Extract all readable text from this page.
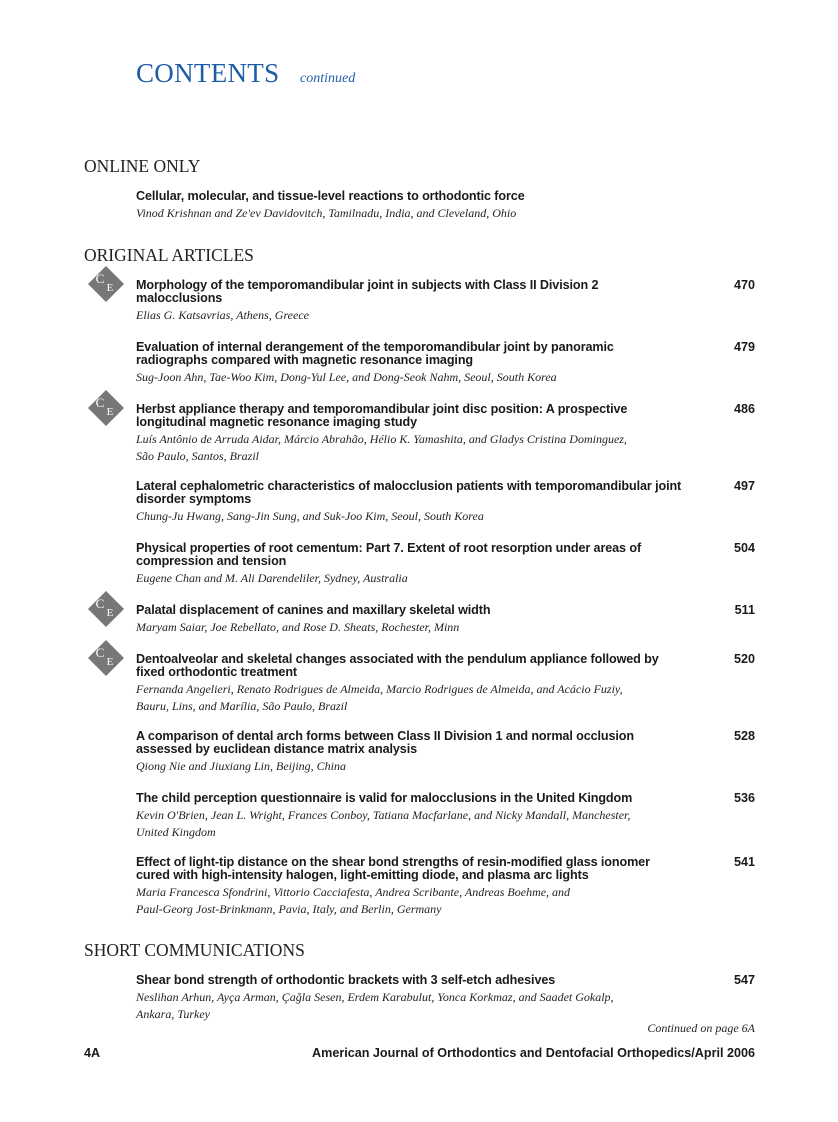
CONTENTS continued
ONLINE ONLY
Cellular, molecular, and tissue-level reactions to orthodontic force
Vinod Krishnan and Ze'ev Davidovitch, Tamilnadu, India, and Cleveland, Ohio
ORIGINAL ARTICLES
Morphology of the temporomandibular joint in subjects with Class II Division 2
malocclusions
Elias G. Katsavrias, Athens, Greece
470
C
E
Evaluation of internal derangement of the temporomandibular joint by panoramic
radiographs compared with magnetic resonance imaging
Sug-Joon Ahn, Tae-Woo Kim, Dong-Yul Lee, and Dong-Seok Nahm, Seoul, South Korea
479
Herbst appliance therapy and temporomandibular joint disc position: A prospective
longitudinal magnetic resonance imaging study
Luís Antônio de Arruda Aidar, Márcio Abrahão, Hélio K. Yamashita, and Gladys Cristina Dominguez,
São Paulo, Santos, Brazil
486
C
E
Lateral cephalometric characteristics of malocclusion patients with temporomandibular joint
disorder symptoms
Chung-Ju Hwang, Sang-Jin Sung, and Suk-Joo Kim, Seoul, South Korea
497
Physical properties of root cementum: Part 7. Extent of root resorption under areas of
compression and tension
Eugene Chan and M. Ali Darendeliler, Sydney, Australia
504
Palatal displacement of canines and maxillary skeletal width
Maryam Saiar, Joe Rebellato, and Rose D. Sheats, Rochester, Minn
511
C
E
Dentoalveolar and skeletal changes associated with the pendulum appliance followed by
fixed orthodontic treatment
Fernanda Angelieri, Renato Rodrigues de Almeida, Marcio Rodrigues de Almeida, and Acácio Fuziy,
Bauru, Lins, and Marília, São Paulo, Brazil
520
C
E
A comparison of dental arch forms between Class II Division 1 and normal occlusion
assessed by euclidean distance matrix analysis
Qiong Nie and Jiuxiang Lin, Beijing, China
528
The child perception questionnaire is valid for malocclusions in the United Kingdom
Kevin O'Brien, Jean L. Wright, Frances Conboy, Tatiana Macfarlane, and Nicky Mandall, Manchester,
United Kingdom
536
Effect of light-tip distance on the shear bond strengths of resin-modified glass ionomer
cured with high-intensity halogen, light-emitting diode, and plasma arc lights
Maria Francesca Sfondrini, Vittorio Cacciafesta, Andrea Scribante, Andreas Boehme, and
Paul-Georg Jost-Brinkmann, Pavia, Italy, and Berlin, Germany
541
SHORT COMMUNICATIONS
Shear bond strength of orthodontic brackets with 3 self-etch adhesives
Neslihan Arhun, Ayça Arman, Çağla Sesen, Erdem Karabulut, Yonca Korkmaz, and Saadet Gokalp,
Ankara, Turkey
547
Continued on page 6A
4A	American Journal of Orthodontics and Dentofacial Orthopedics/April 2006
